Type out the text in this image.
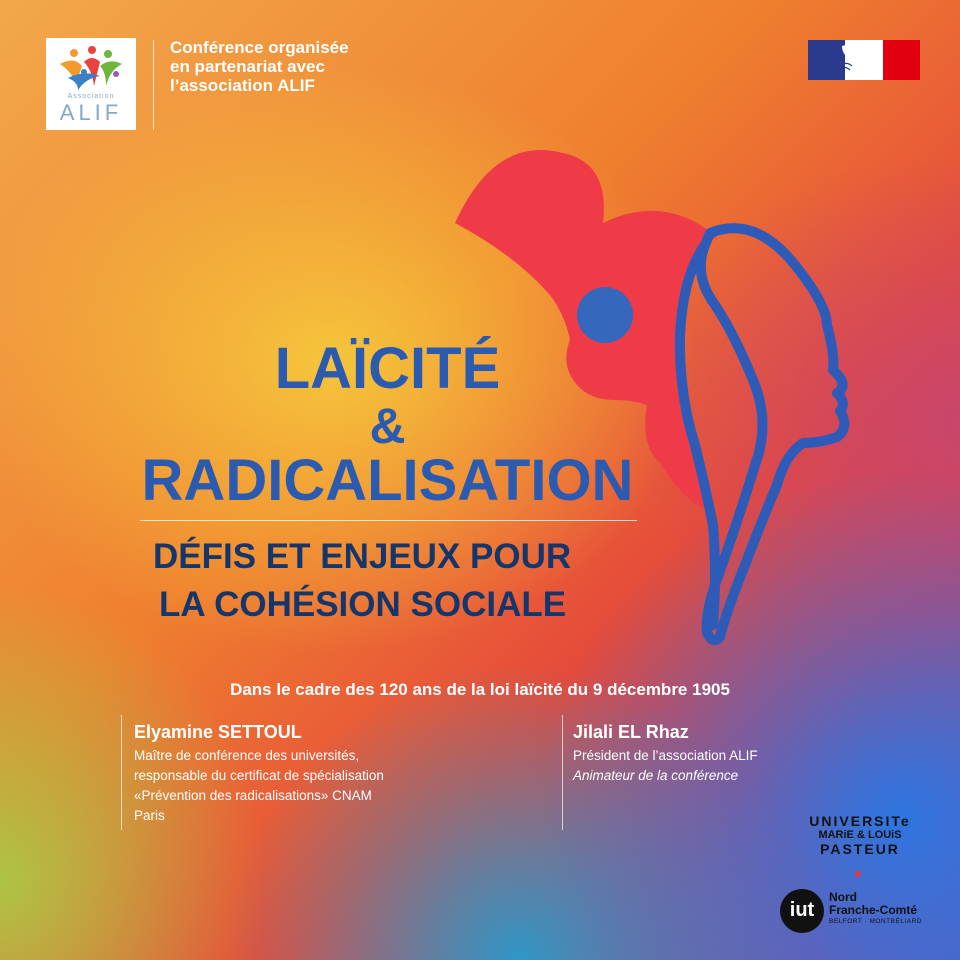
Association
ALIF
Conférence organisée
en partenariat avec
l’association ALIF
LAÏCITÉ
&
RADICALISATION
DÉFIS ET ENJEUX POUR
LA COHÉSION SOCIALE
Dans le cadre des 120 ans de la loi laïcité du 9 décembre 1905
Elyamine SETTOUL
Maître de conférence des universités,
responsable du certificat de spécialisation
«Prévention des radicalisations» CNAM
Paris
Jilali EL Rhaz
Président de l’association ALIF
Animateur de la conférence
UNIVERSITe
MARiE & LOUiS
PASTEUR
iut
Nord
Franche-Comté
BELFORT · MONTBÉLIARD
